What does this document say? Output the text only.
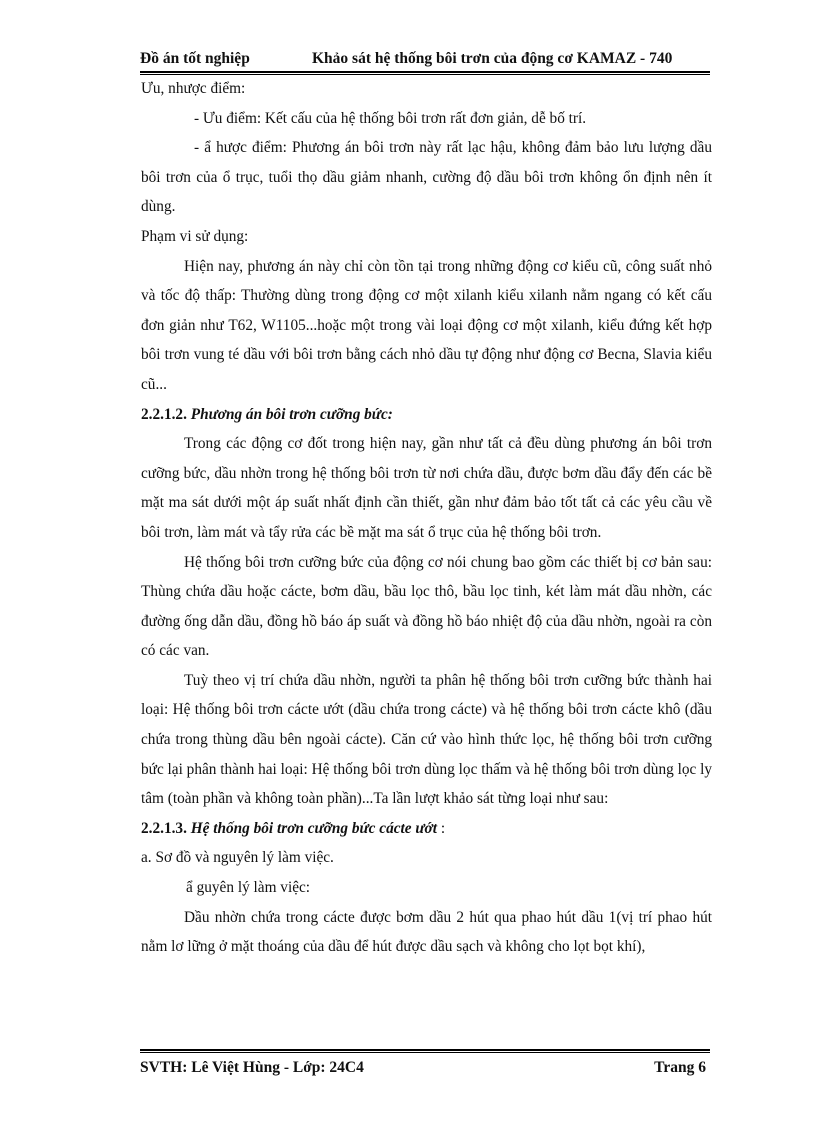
Đồ án tốt nghiệp	Khảo sát hệ thống bôi trơn của động cơ KAMAZ - 740

Ưu, nhược điểm:

- Ưu điểm: Kết cấu của hệ thống bôi trơn rất đơn giản, dễ bố trí.

- ẩ hược điểm: Phương án bôi trơn này rất lạc hậu, không đảm bảo lưu lượng dầu bôi trơn của ổ trục, tuổi thọ dầu giảm nhanh, cường độ dầu bôi trơn không ổn định nên ít dùng.

Phạm vi sử dụng:

Hiện nay, phương án này chỉ còn tồn tại trong những động cơ kiểu cũ, công suất nhỏ và tốc độ thấp: Thường dùng trong động cơ một xilanh kiểu xilanh nằm ngang có kết cấu đơn giản như T62, W1105...hoặc một trong vài loại động cơ một xilanh, kiểu đứng kết hợp bôi trơn vung té dầu với bôi trơn bằng cách nhỏ dầu tự động như động cơ Becna, Slavia kiểu cũ...

2.2.1.2. Phương án bôi trơn cưỡng bức:

Trong các động cơ đốt trong hiện nay, gần như tất cả đều dùng phương án bôi trơn cưỡng bức, dầu nhờn trong hệ thống bôi trơn từ nơi chứa dầu, được bơm dầu đẩy đến các bề mặt ma sát dưới một áp suất nhất định cần thiết, gần như đảm bảo tốt tất cả các yêu cầu về bôi trơn, làm mát và tẩy rửa các bề mặt ma sát ổ trục của hệ thống bôi trơn.

Hệ thống bôi trơn cưỡng bức của động cơ nói chung bao gồm các thiết bị cơ bản sau: Thùng chứa dầu hoặc cácte, bơm dầu, bầu lọc thô, bầu lọc tinh, két làm mát dầu nhờn, các đường ống dẫn dầu, đồng hồ báo áp suất và đồng hồ báo nhiệt độ của dầu nhờn, ngoài ra còn có các van.

Tuỳ theo vị trí chứa dầu nhờn, người ta phân hệ thống bôi trơn cưỡng bức thành hai loại: Hệ thống bôi trơn cácte ướt (dầu chứa trong cácte) và hệ thống bôi trơn cácte khô (dầu chứa trong thùng dầu bên ngoài cácte). Căn cứ vào hình thức lọc, hệ thống bôi trơn cưỡng bức lại phân thành hai loại: Hệ thống bôi trơn dùng lọc thấm và hệ thống bôi trơn dùng lọc ly tâm (toàn phần và không toàn phần)...Ta lần lượt khảo sát từng loại như sau:

2.2.1.3. Hệ thống bôi trơn cưỡng bức cácte ướt :

a. Sơ đồ và nguyên lý làm việc.

ẩ guyên lý làm việc:

Dầu nhờn chứa trong cácte được bơm dầu 2 hút qua phao hút dầu 1(vị trí phao hút nằm lơ lững ở mặt thoáng của dầu để hút được dầu sạch và không cho lọt bọt khí),

SVTH: Lê Việt Hùng - Lớp: 24C4	Trang 6
